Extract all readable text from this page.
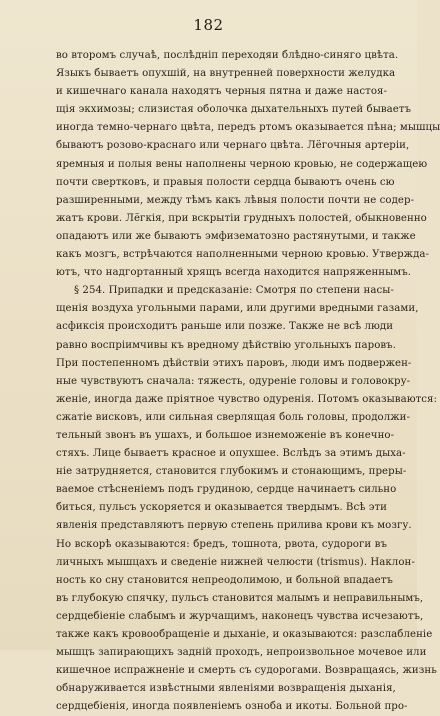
182
во второмъ случаѣ, послѣдніп переходяи блѣдно-синяго цвѣта.
Языкъ бываетъ опухшій, на внутренней поверхности желудка
и кишечнаго канала находятъ черныя пятна и даже настоя-
щія экхимозы; слизистая оболочка дыхательныхъ путей бываетъ
иногда темно-чернаго цвѣта, передъ ртомъ оказывается пѣна; мышцы
бываютъ розово-краснаго или чернаго цвѣта. Лёгочныя артеріи,
яремныя и полыя вены наполнены черною кровью, не содержащею
почти свертковъ, и правыя полости сердца бываютъ очень сю
разширенными, между тѣмъ какъ лѣвыя полости почти не содер-
жатъ крови. Лёгкія, при вскрытіи грудныхъ полостей, обыкновенно
опадаютъ или же бываютъ эмфизематозно растянутыми, и также
какъ мозгъ, встрѣчаются наполненными черною кровью. Утвержда-
ютъ, что надгортанный хрящъ всегда находится напряженнымъ.
§ 254. Припадки и предсказаніе: Смотря по степени насы-
щенія воздуха угольными парами, или другими вредными газами,
асфиксія происходитъ раньше или позже. Также не всѣ люди
равно воспріимчивы къ вредному дѣйствію угольныхъ паровъ.
При постепенномъ дѣйствіи этихъ паровъ, люди имъ подвержен-
ные чувствуютъ сначала: тяжесть, одуреніе головы и головокру-
женіе, иногда даже пріятное чувство одуренія. Потомъ оказываются:
сжатіе висковъ, или сильная сверлящая боль головы, продолжи-
тельный звонъ въ ушахъ, и большое изнеможеніе въ конечно-
стяхъ. Лице бываетъ красное и опухшее. Вслѣдъ за этимъ дыха-
ніе затрудняется, становится глубокимъ и стонающимъ, преры-
ваемое стѣсненіемъ подъ грудиною, сердце начинаетъ сильно
биться, пульсъ ускоряется и оказывается твердымъ. Всѣ эти
явленія представляютъ первую степень прилива крови къ мозгу.
Но вскорѣ оказываются: бредъ, тошнота, рвота, судороги въ
личныхъ мышцахъ и сведеніе нижней челюсти (trismus). Наклон-
ность ко сну становится непреодолимою, и больной впадаетъ
въ глубокую спячку, пульсъ становится малымъ и неправильнымъ,
сердцебіеніе слабымъ и журчащимъ, наконецъ чувства исчезаютъ,
также какъ кровообращеніе и дыханіе, и оказываются: разслабленіе
мышцъ запирающихъ заднiй проходъ, непроизвольное мочевое или
кишечное испражненіе и смерть съ судорогами. Возвращаясь, жизнь
обнаруживается извѣстными явленіями возвращенія дыханія,
сердцебіенія, иногда появленіемъ озноба и икоты. Больной про-
